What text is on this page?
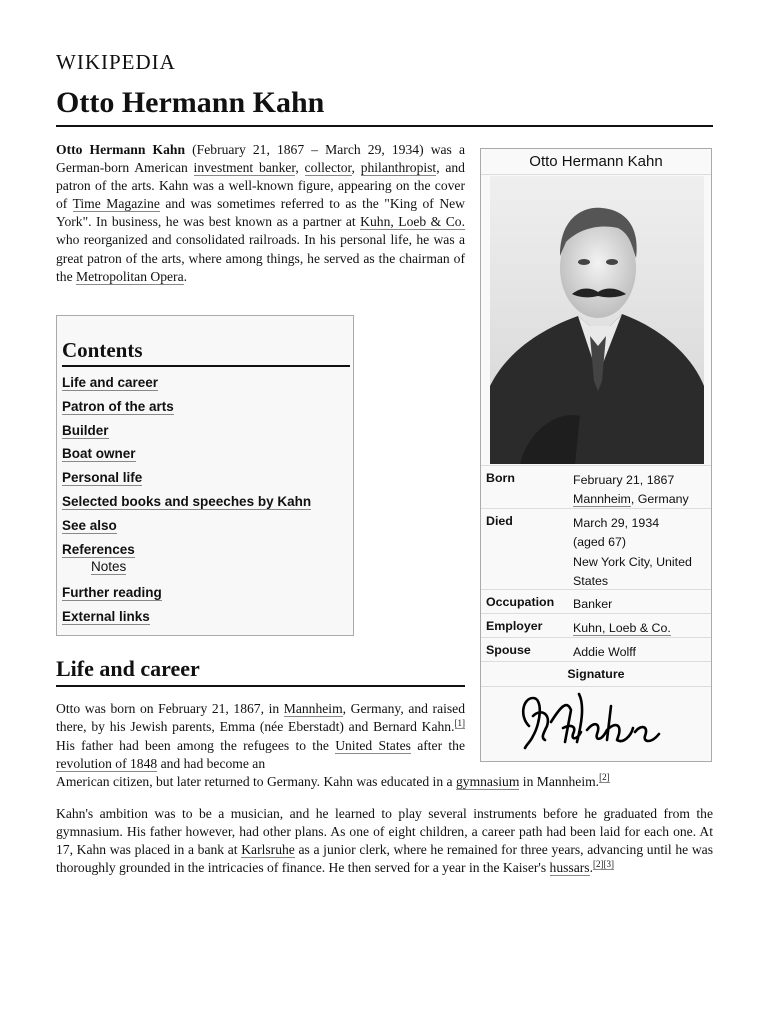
WIKIPEDIA
Otto Hermann Kahn

Otto Hermann Kahn (February 21, 1867 – March 29, 1934) was a German-born American investment banker, collector, philanthropist, and patron of the arts. Kahn was a well-known figure, appearing on the cover of Time Magazine and was sometimes referred to as the "King of New York". In business, he was best known as a partner at Kuhn, Loeb & Co. who reorganized and consolidated railroads. In his personal life, he was a great patron of the arts, where among things, he served as the chairman of the Metropolitan Opera.

Contents
Life and career
Patron of the arts
Builder
Boat owner
Personal life
Selected books and speeches by Kahn
See also
References
Notes
Further reading
External links
Life and career

Otto was born on February 21, 1867, in Mannheim, Germany, and raised there, by his Jewish parents, Emma (née Eberstadt) and Bernard Kahn.[1] His father had been among the refugees to the United States after the revolution of 1848 and had become an

American citizen, but later returned to Germany. Kahn was educated in a gymnasium in Mannheim.[2]

Kahn's ambition was to be a musician, and he learned to play several instruments before he graduated from the gymnasium. His father however, had other plans. As one of eight children, a career path had been laid for each one. At 17, Kahn was placed in a bank at Karlsruhe as a junior clerk, where he remained for three years, advancing until he was thoroughly grounded in the intricacies of finance. He then served for a year in the Kaiser's hussars.[2][3]

Otto Hermann Kahn
Born	February 21, 1867
Mannheim, Germany
Died	March 29, 1934
(aged 67)
New York City, United States
Occupation Banker
Employer Kuhn, Loeb & Co.
Spouse	Addie Wolff
Signature
